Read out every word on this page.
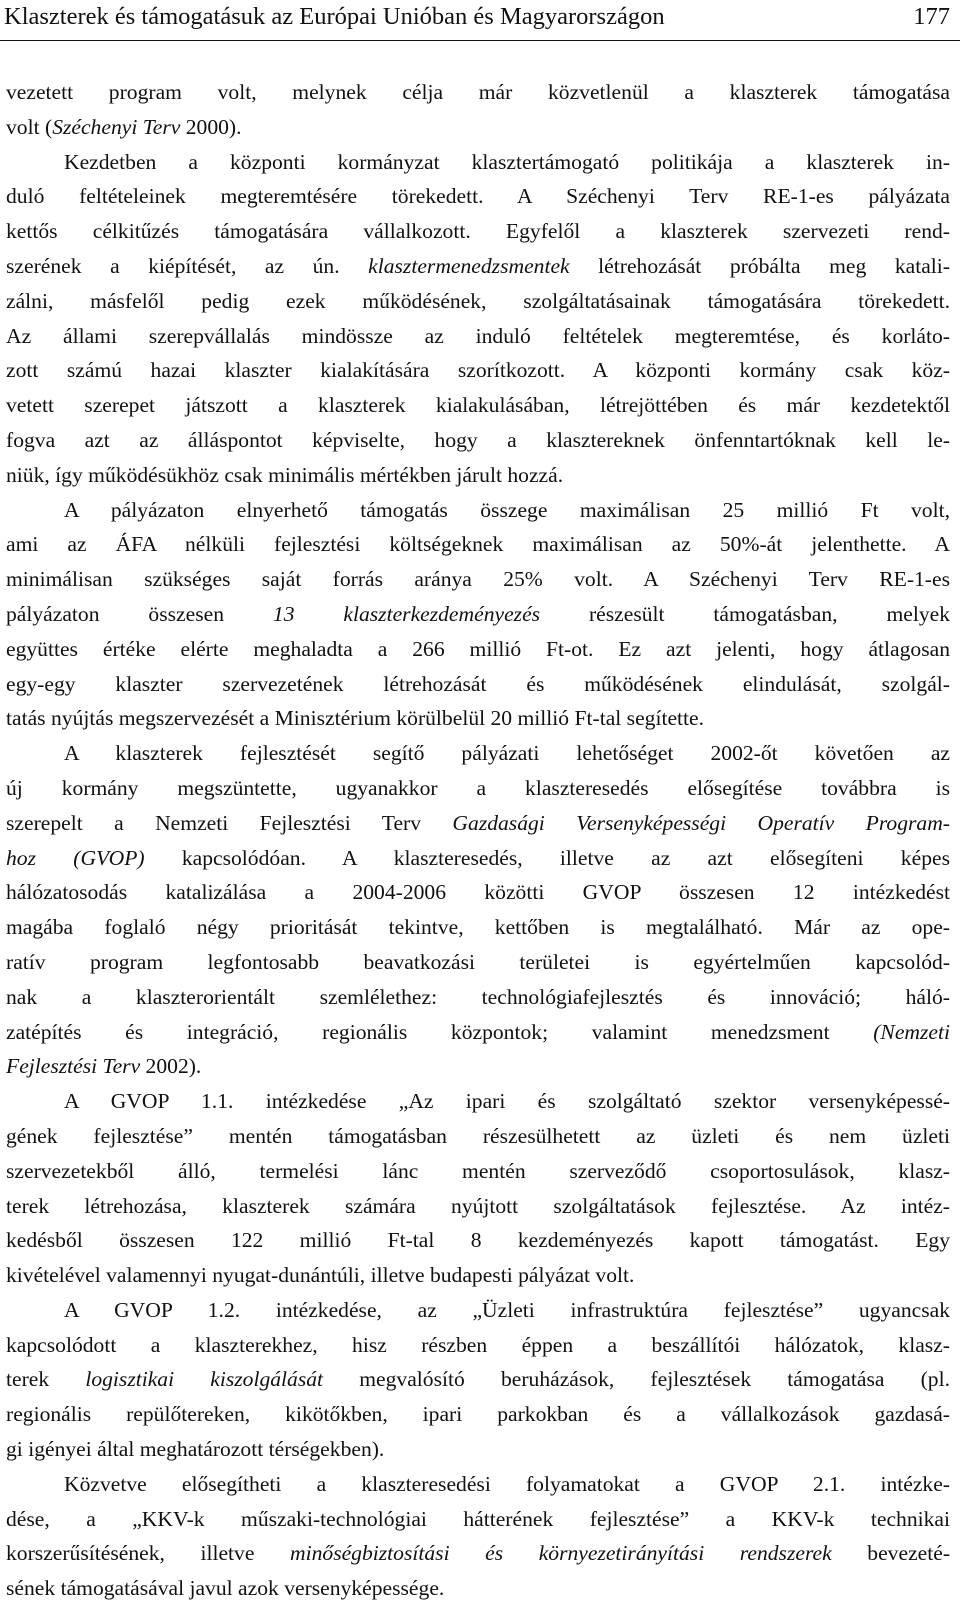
Klaszterek és támogatásuk az Európai Unióban és Magyarországon	177
vezetett program volt, melynek célja már közvetlenül a klaszterek támogatása
volt (Széchenyi Terv 2000).
Kezdetben a központi kormányzat klasztertámogató politikája a klaszterek in-
duló feltételeinek megteremtésére törekedett. A Széchenyi Terv RE-1-es pályázata
kettős célkitűzés támogatására vállalkozott. Egyfelől a klaszterek szervezeti rend-
szerének a kiépítését, az ún. klasztermenedzsmentek létrehozását próbálta meg katali-
zálni, másfelől pedig ezek működésének, szolgáltatásainak támogatására törekedett.
Az állami szerepvállalás mindössze az induló feltételek megteremtése, és korlátо-
zott számú hazai klaszter kialakítására szorítkozott. A központi kormány csak köz-
vetett szerepet játszott a klaszterek kialakulásában, létrejöttében és már kezdetektől
fogva azt az álláspontot képviselte, hogy a klasztereknek önfenntartóknak kell le-
niük, így működésükhöz csak minimális mértékben járult hozzá.
A pályázaton elnyerhető támogatás összege maximálisan 25 millió Ft volt,
ami az ÁFA nélküli fejlesztési költségeknek maximálisan az 50%-át jelenthette. A
minimálisan szükséges saját forrás aránya 25% volt. A Széchenyi Terv RE-1-es
pályázaton összesen 13 klaszterkezdeményezés részesült támogatásban, melyek
együttes értéke elérte meghaladta a 266 millió Ft-ot. Ez azt jelenti, hogy átlagosan
egy-egy klaszter szervezetének létrehozását és működésének elindulását, szolgál-
tatás nyújtás megszervezését a Minisztérium körülbelül 20 millió Ft-tal segítette.
A klaszterek fejlesztését segítő pályázati lehetőséget 2002-őt követően az
új kormány megszüntette, ugyanakkor a klaszteresedés elősegítése továbbra is
szerepelt a Nemzeti Fejlesztési Terv Gazdasági Versenyképességi Operatív Program-
hoz (GVOP) kapcsolódóan. A klaszteresedés, illetve az azt elősegíteni képes
hálózatosodás katalizálása a 2004-2006 közötti GVOP összesen 12 intézkedést
magába foglaló négy prioritását tekintve, kettőben is megtalálható. Már az ope-
ratív program legfontosabb beavatkozási területei is egyértelműen kapcsolód-
nak a klaszterorientált szemlélethez: technológiafejlesztés és innováció; háló-
zatépítés és integráció, regionális központok; valamint menedzsment (Nemzeti
Fejlesztési Terv 2002).
A GVOP 1.1. intézkedése „Az ipari és szolgáltató szektor versenyképessé-
gének fejlesztése” mentén támogatásban részesülhetett az üzleti és nem üzleti
szervezetekből álló, termelési lánc mentén szerveződő csoportosulások, klasz-
terek létrehozása, klaszterek számára nyújtott szolgáltatások fejlesztése. Az intéz-
kedésből összesen 122 millió Ft-tal 8 kezdeményezés kapott támogatást. Egy
kivételével valamennyi nyugat-dunántúli, illetve budapesti pályázat volt.
A GVOP 1.2. intézkedése, az „Üzleti infrastruktúra fejlesztése” ugyancsak
kapcsolódott a klaszterekhez, hisz részben éppen a beszállítói hálózatok, klasz-
terek logisztikai kiszolgálását megvalósító beruházások, fejlesztések támogatása (pl.
regionális repülőtereken, kikötőkben, ipari parkokban és a vállalkozások gazdasá-
gi igényei által meghatározott térségekben).
Közvetve elősegítheti a klaszteresedési folyamatokat a GVOP 2.1. intézke-
dése, a „KKV-k műszaki-technológiai hátterének fejlesztése” a KKV-k technikai
korszerűsítésének, illetve minőségbiztosítási és környezetirányítási rendszerek bevezeté-
sének támogatásával javul azok versenyképessége.
